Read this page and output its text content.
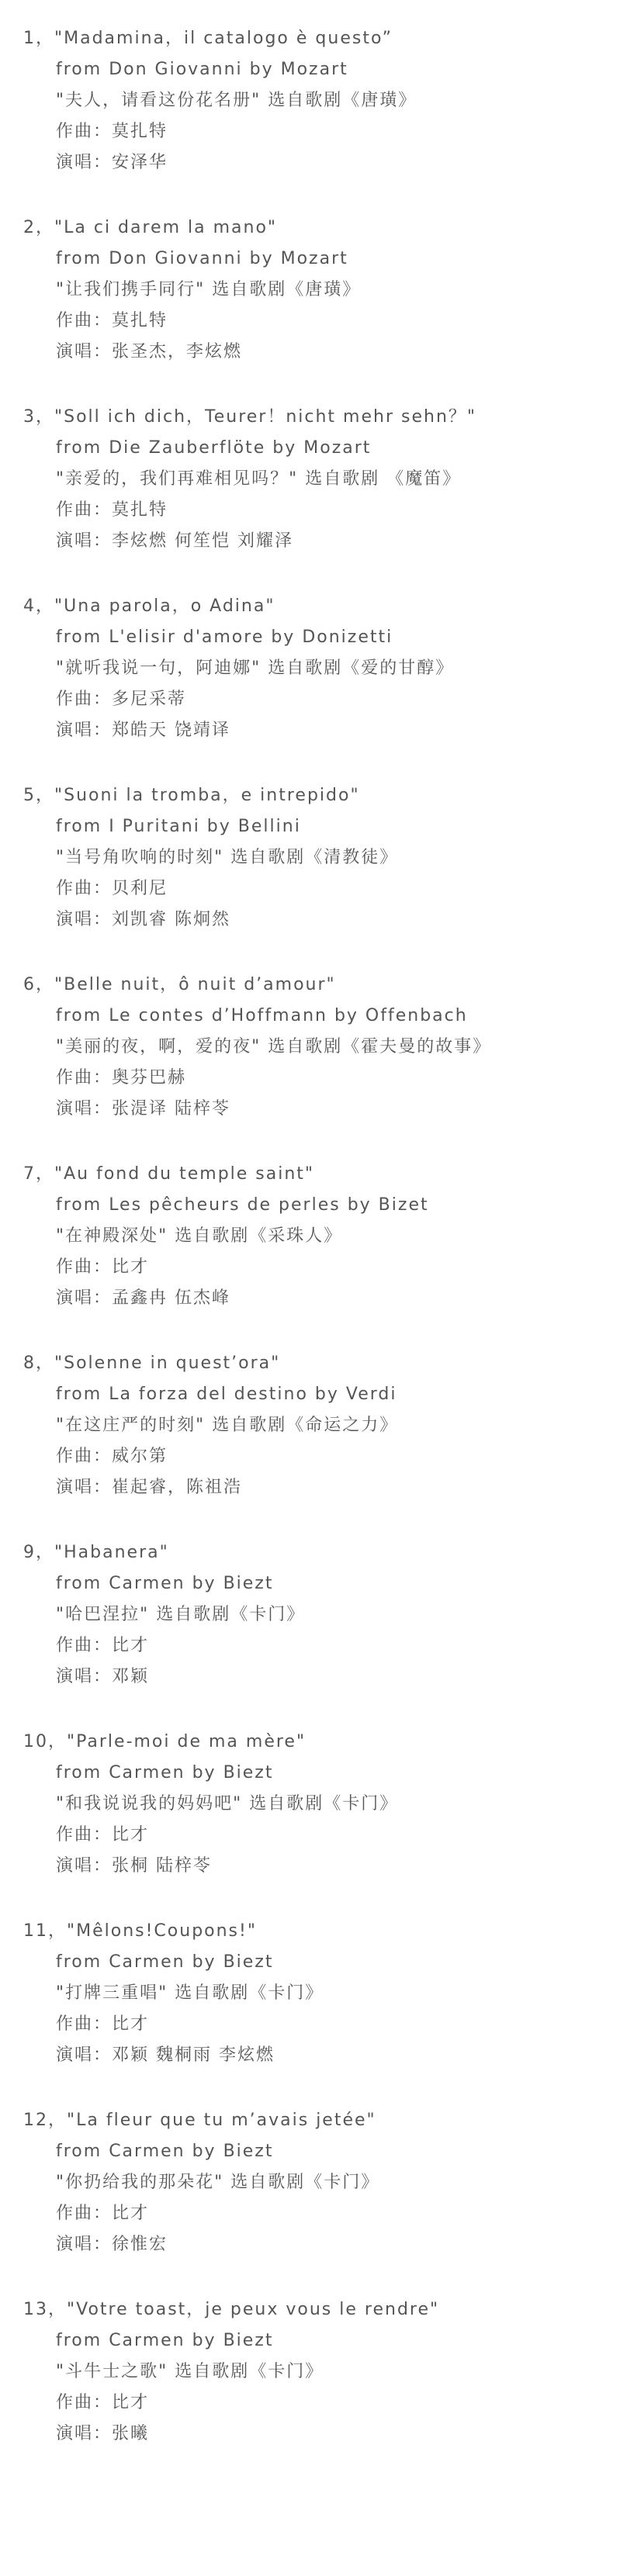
1，"Madamina，il catalogo è questo”
from Don Giovanni by Mozart
"夫人，请看这份花名册" 选自歌剧《唐璜》
作曲：莫扎特
演唱：安泽华
2，"La ci darem la mano"
from Don Giovanni by Mozart
"让我们携手同行" 选自歌剧《唐璜》
作曲：莫扎特
演唱：张圣杰，李炫燃
3，"Soll ich dich，Teurer！nicht mehr sehn？"
from Die Zauberflöte by Mozart
"亲爱的，我们再难相见吗？" 选自歌剧 《魔笛》
作曲：莫扎特
演唱：李炫燃 何笙恺 刘耀泽
4，"Una parola，o Adina"
from L'elisir d'amore by Donizetti
"就听我说一句，阿迪娜" 选自歌剧《爱的甘醇》
作曲：多尼采蒂
演唱：郑皓天 饶靖译
5，"Suoni la tromba，e intrepido"
from I Puritani by Bellini
"当号角吹响的时刻" 选自歌剧《清教徒》
作曲：贝利尼
演唱：刘凯睿 陈炯然
6，"Belle nuit，ô nuit d’amour"
from Le contes d’Hoffmann by Offenbach
"美丽的夜，啊，爱的夜" 选自歌剧《霍夫曼的故事》
作曲：奥芬巴赫
演唱：张湜译 陆梓苓
7，"Au fond du temple saint"
from Les pêcheurs de perles by Bizet
"在神殿深处" 选自歌剧《采珠人》
作曲：比才
演唱：孟鑫冉 伍杰峰
8，"Solenne in quest’ora"
from La forza del destino by Verdi
"在这庄严的时刻" 选自歌剧《命运之力》
作曲：威尔第
演唱：崔起睿，陈祖浩
9，"Habanera"
from Carmen by Biezt
"哈巴涅拉" 选自歌剧《卡门》
作曲：比才
演唱：邓颖
10，"Parle-moi de ma mère"
from Carmen by Biezt
"和我说说我的妈妈吧" 选自歌剧《卡门》
作曲：比才
演唱：张桐 陆梓苓
11，"Mêlons!Coupons!"
from Carmen by Biezt
"打牌三重唱" 选自歌剧《卡门》
作曲：比才
演唱：邓颖 魏桐雨 李炫燃
12，"La fleur que tu m’avais jetée"
from Carmen by Biezt
"你扔给我的那朵花" 选自歌剧《卡门》
作曲：比才
演唱：徐惟宏
13，"Votre toast，je peux vous le rendre"
from Carmen by Biezt
"斗牛士之歌" 选自歌剧《卡门》
作曲：比才
演唱：张曦
